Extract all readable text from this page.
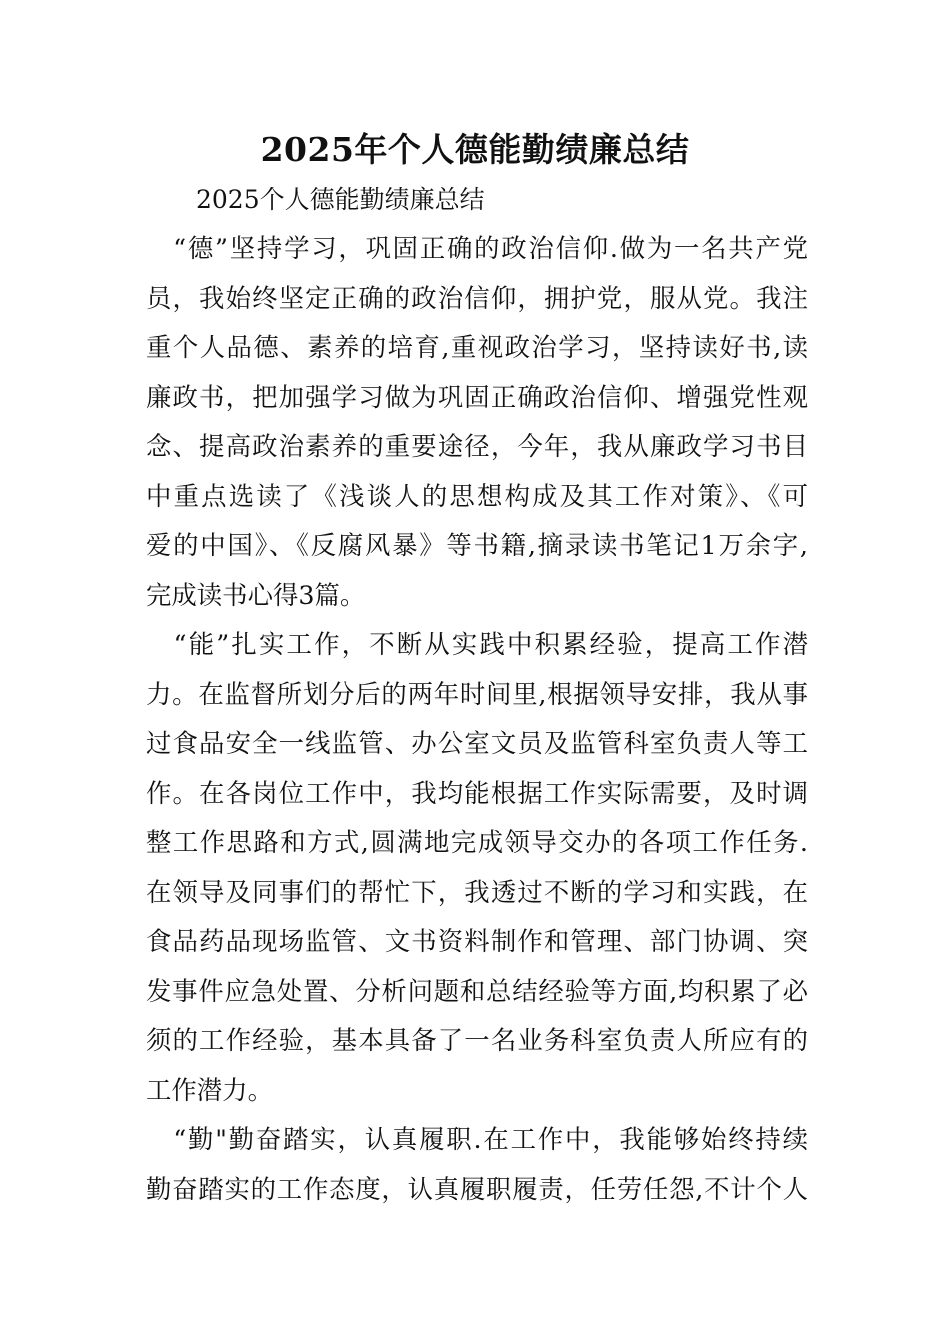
2025年个人德能勤绩廉总结
2025个人德能勤绩廉总结
　“德”坚持学习，巩固正确的政治信仰.做为一名共产党
员，我始终坚定正确的政治信仰，拥护党，服从党。我注
重个人品德、素养的培育,重视政治学习，坚持读好书,读
廉政书，把加强学习做为巩固正确政治信仰、增强党性观
念、提高政治素养的重要途径，今年，我从廉政学习书目
中重点选读了《浅谈人的思想构成及其工作对策》、《可
爱的中国》、《反腐风暴》等书籍,摘录读书笔记1万余字,
完成读书心得3篇。
　“能”扎实工作，不断从实践中积累经验，提高工作潜
力。在监督所划分后的两年时间里,根据领导安排，我从事
过食品安全一线监管、办公室文员及监管科室负责人等工
作。在各岗位工作中，我均能根据工作实际需要，及时调
整工作思路和方式,圆满地完成领导交办的各项工作任务.
在领导及同事们的帮忙下，我透过不断的学习和实践，在
食品药品现场监管、文书资料制作和管理、部门协调、突
发事件应急处置、分析问题和总结经验等方面,均积累了必
须的工作经验，基本具备了一名业务科室负责人所应有的
工作潜力。
　“勤"勤奋踏实，认真履职.在工作中，我能够始终持续
勤奋踏实的工作态度，认真履职履责，任劳任怨,不计个人
